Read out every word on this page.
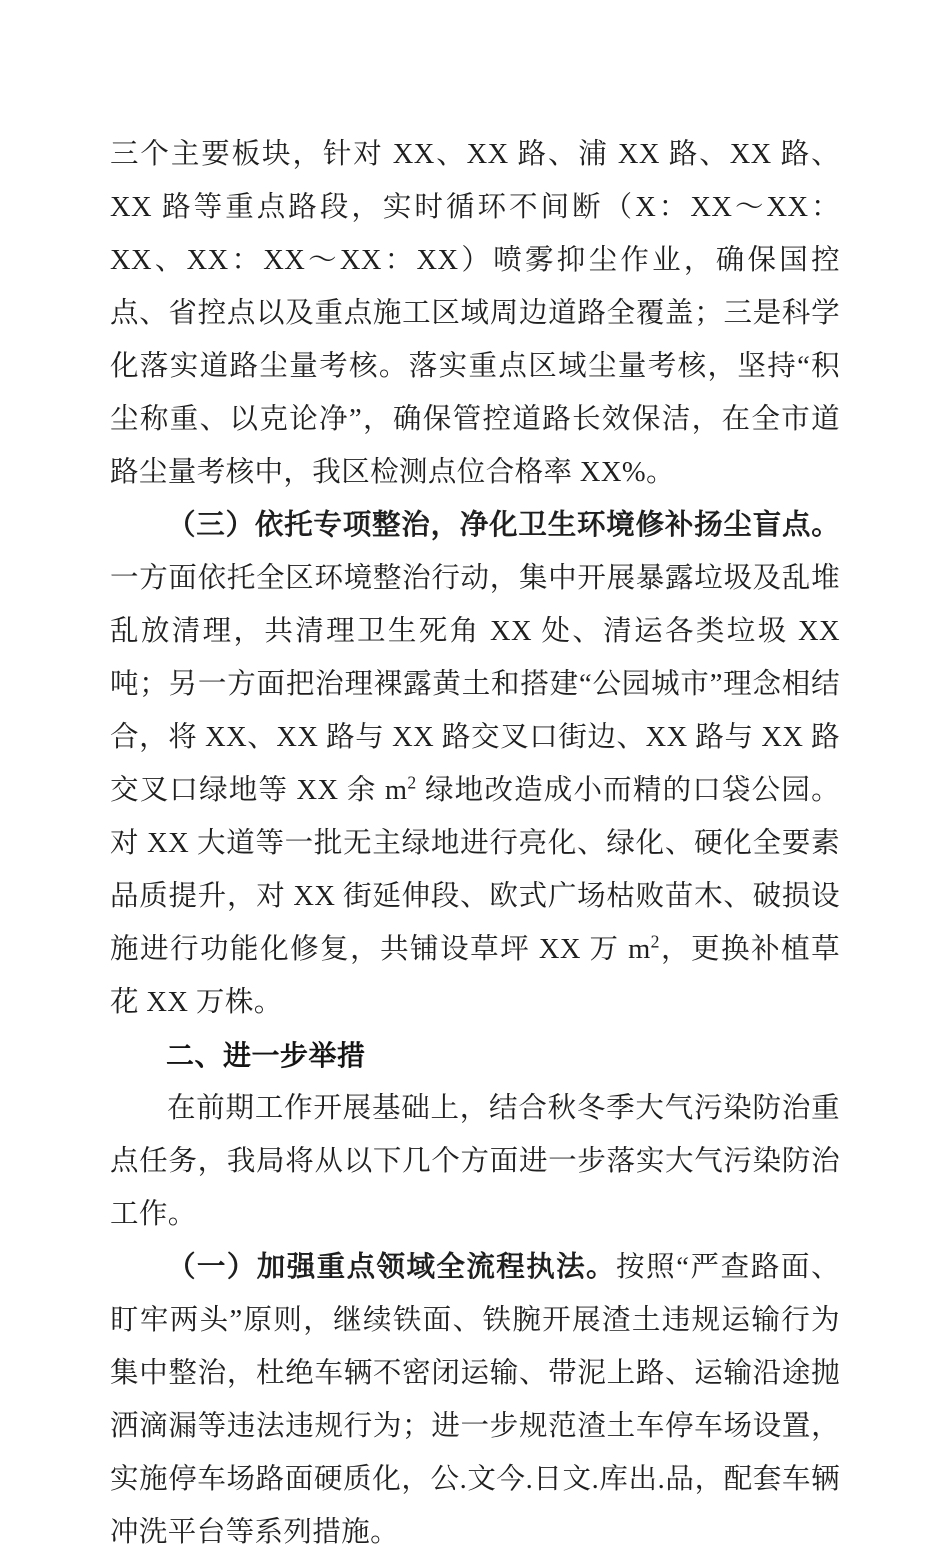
三个主要板块，针对 XX、XX 路、浦 XX 路、XX 路、XX 路等重点路段，实时循环不间断（X：XX～XX：XX、XX：XX～XX：XX）喷雾抑尘作业，确保国控点、省控点以及重点施工区域周边道路全覆盖；三是科学化落实道路尘量考核。落实重点区域尘量考核，坚持“积尘称重、以克论净”，确保管控道路长效保洁，在全市道路尘量考核中，我区检测点位合格率 XX%。

（三）依托专项整治，净化卫生环境修补扬尘盲点。一方面依托全区环境整治行动，集中开展暴露垃圾及乱堆乱放清理，共清理卫生死角 XX 处、清运各类垃圾 XX 吨；另一方面把治理裸露黄土和搭建“公园城市”理念相结合，将 XX、XX 路与 XX 路交叉口街边、XX 路与 XX 路交叉口绿地等 XX 余 $m^2$ 绿地改造成小而精的口袋公园。对 XX 大道等一批无主绿地进行亮化、绿化、硬化全要素品质提升，对 XX 街延伸段、欧式广场枯败苗木、破损设施进行功能化修复，共铺设草坪 XX 万 $m^2$，更换补植草花 XX 万株。

二、进一步举措

在前期工作开展基础上，结合秋冬季大气污染防治重点任务，我局将从以下几个方面进一步落实大气污染防治工作。

（一）加强重点领域全流程执法。按照“严查路面、盯牢两头”原则，继续铁面、铁腕开展渣土违规运输行为集中整治，杜绝车辆不密闭运输、带泥上路、运输沿途抛洒滴漏等违法违规行为；进一步规范渣土车停车场设置，实施停车场路面硬质化，公.文今.日文.库出.品，配套车辆冲洗平台等系列措施。
